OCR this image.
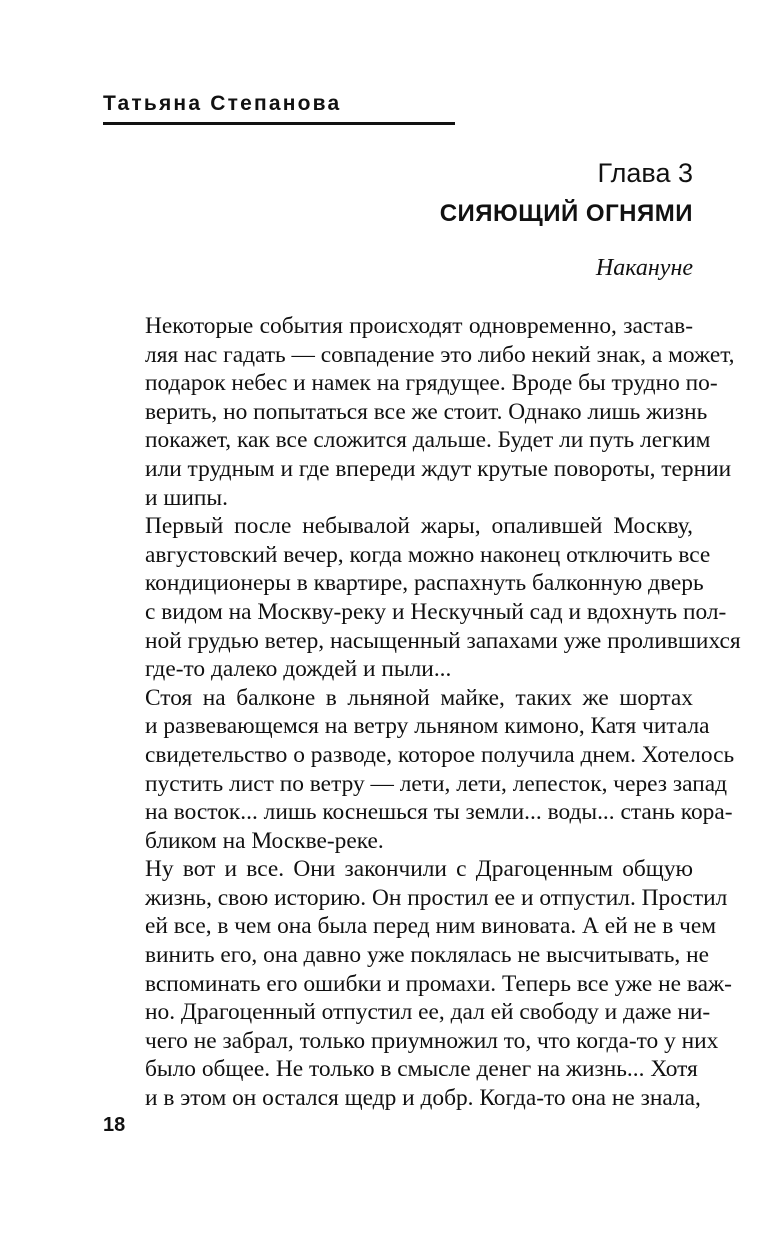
Татьяна Степанова
Глава 3
СИЯЮЩИЙ ОГНЯМИ
Накануне

Некоторые события происходят одновременно, застав-
ляя нас гадать — совпадение это либо некий знак, а может,
подарок небес и намек на грядущее. Вроде бы трудно по-
верить, но попытаться все же стоит. Однако лишь жизнь
покажет, как все сложится дальше. Будет ли путь легким
или трудным и где впереди ждут крутые повороты, тернии
и шипы.

Первый после небывалой жары, опалившей Москву,
августовский вечер, когда можно наконец отключить все
кондиционеры в квартире, распахнуть балконную дверь
с видом на Москву-реку и Нескучный сад и вдохнуть пол-
ной грудью ветер, насыщенный запахами уже пролившихся
где-то далеко дождей и пыли...

Стоя на балконе в льняной майке, таких же шортах
и развевающемся на ветру льняном кимоно, Катя читала
свидетельство о разводе, которое получила днем. Хотелось
пустить лист по ветру — лети, лети, лепесток, через запад
на восток... лишь коснешься ты земли... воды... стань кора-
бликом на Москве-реке.

Ну вот и все. Они закончили с Драгоценным общую
жизнь, свою историю. Он простил ее и отпустил. Простил
ей все, в чем она была перед ним виновата. А ей не в чем
винить его, она давно уже поклялась не высчитывать, не
вспоминать его ошибки и промахи. Теперь все уже не важ-
но. Драгоценный отпустил ее, дал ей свободу и даже ни-
чего не забрал, только приумножил то, что когда-то у них
было общее. Не только в смысле денег на жизнь... Хотя
и в этом он остался щедр и добр. Когда-то она не знала,

18
